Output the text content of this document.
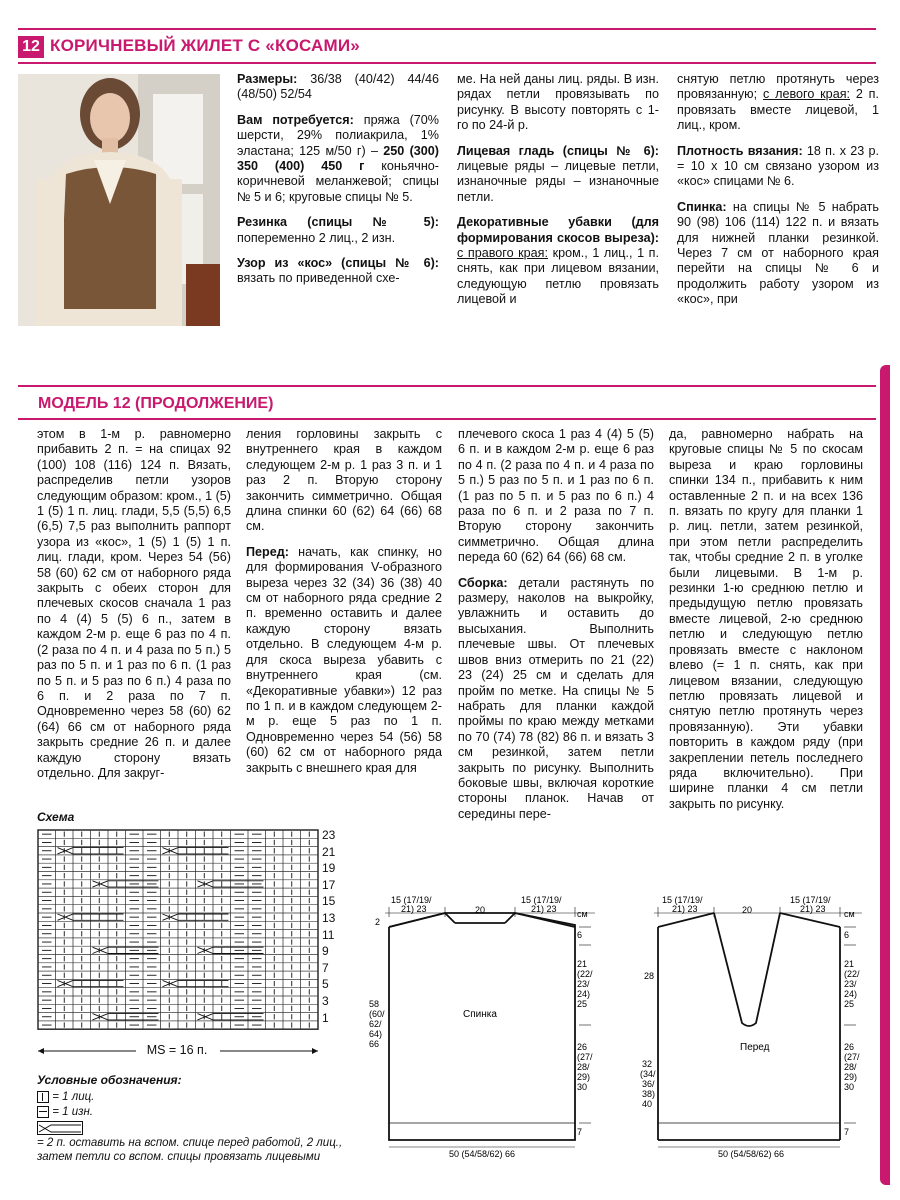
12 КОРИЧНЕВЫЙ ЖИЛЕТ С «КОСАМИ»

Размеры: 36/38 (40/42) 44/46 (48/50) 52/54

Вам потребуется: пряжа (70% шерсти, 29% полиакрила, 1% эластана; 125 м/50 г) – 250 (300) 350 (400) 450 г коньячно-коричневой меланжевой; спицы № 5 и 6; круговые спицы № 5.

Резинка (спицы № 5): попеременно 2 лиц., 2 изн.

Узор из «кос» (спицы № 6): вязать по приведенной схе-

ме. На ней даны лиц. ряды. В изн. рядах петли провязывать по рисунку. В высоту повторять с 1-го по 24-й р.

Лицевая гладь (спицы № 6): лицевые ряды – лицевые петли, изнаночные ряды – изнаночные петли.

Декоративные убавки (для формирования скосов выреза): с правого края: кром., 1 лиц., 1 п. снять, как при лицевом вязании, следующую петлю провязать лицевой и

снятую петлю протянуть через провязанную; с левого края: 2 п. провязать вместе лицевой, 1 лиц., кром.

Плотность вязания: 18 п. х 23 р. = 10 х 10 см связано узором из «кос» спицами № 6.

Спинка: на спицы № 5 набрать 90 (98) 106 (114) 122 п. и вязать для нижней планки резинкой. Через 7 см от наборного края перейти на спицы № 6 и продолжить работу узором из «кос», при

МОДЕЛЬ 12 (ПРОДОЛЖЕНИЕ)

этом в 1-м р. равномерно прибавить 2 п. = на спицах 92 (100) 108 (116) 124 п. Вязать, распределив петли узоров следующим образом: кром., 1 (5) 1 (5) 1 п. лиц. глади, 5,5 (5,5) 6,5 (6,5) 7,5 раз выполнить раппорт узора из «кос», 1 (5) 1 (5) 1 п. лиц. глади, кром. Через 54 (56) 58 (60) 62 см от наборного ряда закрыть с обеих сторон для плечевых скосов сначала 1 раз по 4 (4) 5 (5) 6 п., затем в каждом 2-м р. еще 6 раз по 4 п. (2 раза по 4 п. и 4 раза по 5 п.) 5 раз по 5 п. и 1 раз по 6 п. (1 раз по 5 п. и 5 раз по 6 п.) 4 раза по 6 п. и 2 раза по 7 п. Одновременно через 58 (60) 62 (64) 66 см от наборного ряда закрыть средние 26 п. и далее каждую сторону вязать отдельно. Для закруг-

ления горловины закрыть с внутреннего края в каждом следующем 2-м р. 1 раз 3 п. и 1 раз 2 п. Вторую сторону закончить симметрично. Общая длина спинки 60 (62) 64 (66) 68 см.

Перед: начать, как спинку, но для формирования V-образного выреза через 32 (34) 36 (38) 40 см от наборного ряда средние 2 п. временно оставить и далее каждую сторону вязать отдельно. В следующем 4-м р. для скоса выреза убавить с внутреннего края (см. «Декоративные убавки») 12 раз по 1 п. и в каждом следующем 2-м р. еще 5 раз по 1 п. Одновременно через 54 (56) 58 (60) 62 см от наборного ряда закрыть с внешнего края для

плечевого скоса 1 раз 4 (4) 5 (5) 6 п. и в каждом 2-м р. еще 6 раз по 4 п. (2 раза по 4 п. и 4 раза по 5 п.) 5 раз по 5 п. и 1 раз по 6 п. (1 раз по 5 п. и 5 раз по 6 п.) 4 раза по 6 п. и 2 раза по 7 п. Вторую сторону закончить симметрично. Общая длина переда 60 (62) 64 (66) 68 см.

Сборка: детали растянуть по размеру, наколов на выкройку, увлажнить и оставить до высыхания. Выполнить плечевые швы. От плечевых швов вниз отмерить по 21 (22) 23 (24) 25 см и сделать для пройм по метке. На спицы № 5 набрать для планки каждой проймы по краю между метками по 70 (74) 78 (82) 86 п. и вязать 3 см резинкой, затем петли закрыть по рисунку. Выполнить боковые швы, включая короткие стороны планок. Начав от середины пере-

да, равномерно набрать на круговые спицы № 5 по скосам выреза и краю горловины спинки 134 п., прибавить к ним оставленные 2 п. и на всех 136 п. вязать по кругу для планки 1 р. лиц. петли, затем резинкой, при этом петли распределить так, чтобы средние 2 п. в уголке были лицевыми. В 1-м р. резинки 1-ю среднюю петлю и предыдущую петлю провязать вместе лицевой, 2-ю среднюю петлю и следующую петлю провязать вместе с наклоном влево (= 1 п. снять, как при лицевом вязании, следующую петлю провязать лицевой и снятую петлю протянуть через провязанную). Эти убавки повторить в каждом ряду (при закреплении петель последнего ряда включительно). При ширине планки 4 см петли закрыть по рисунку.

Схема
23
21
19
17
15
13
11
9
7
5
3
1
MS = 16 п.
Условные обозначения:
= 1 лиц.
= 1 изн.
= 2 п. оставить на вспом. спице перед работой, 2 лиц., затем петли со вспом. спицы провязать лицевыми
15 (17/19/
21) 23	20
15 (17/19/
21) 23 см
2
6
21
(22/
23/
24)
25
Спинка
58
(60/
62/
64)
66	26
(27/
28/
29)
30
7
50 (54/58/62) 66
15 (17/19/
21) 23	20
15 (17/19/
21) 23 см
6
28
21
(22/
23/
24)
25
Перед
32
(34/
36/
38)
40
26
(27/
28/
29)
30
7
50 (54/58/62) 66
